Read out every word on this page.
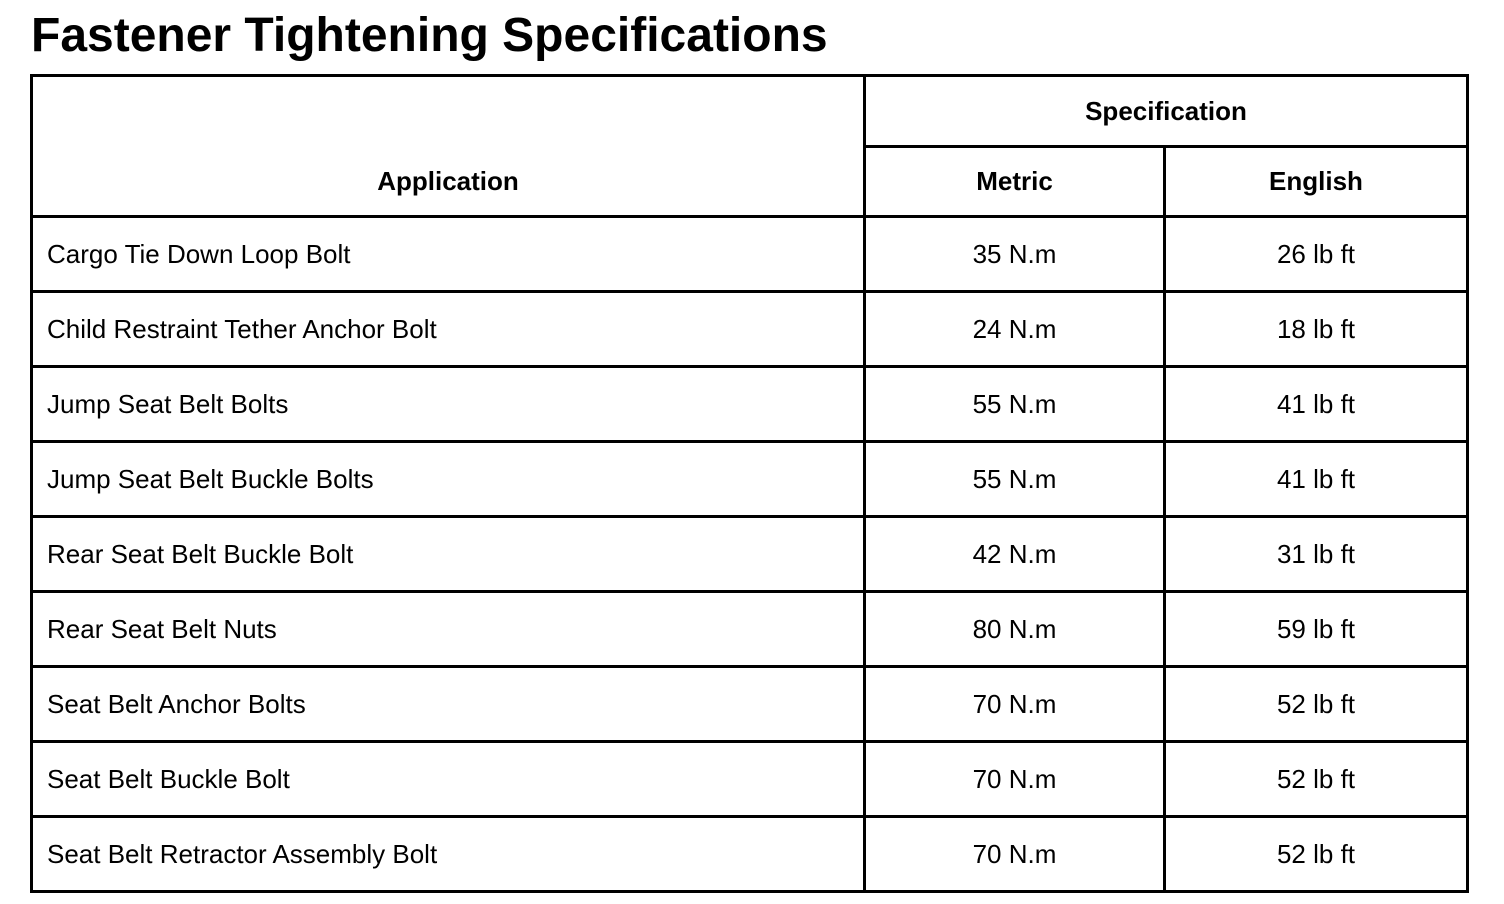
Fastener Tightening Specifications
Application	Specification	
	Metric	English
Cargo Tie Down Loop Bolt	35 N.m	26 lb ft
Child Restraint Tether Anchor Bolt	24 N.m	18 lb ft
Jump Seat Belt Bolts	55 N.m	41 lb ft
Jump Seat Belt Buckle Bolts	55 N.m	41 lb ft
Rear Seat Belt Buckle Bolt	42 N.m	31 lb ft
Rear Seat Belt Nuts	80 N.m	59 lb ft
Seat Belt Anchor Bolts	70 N.m	52 lb ft
Seat Belt Buckle Bolt	70 N.m	52 lb ft
Seat Belt Retractor Assembly Bolt	70 N.m	52 lb ft
